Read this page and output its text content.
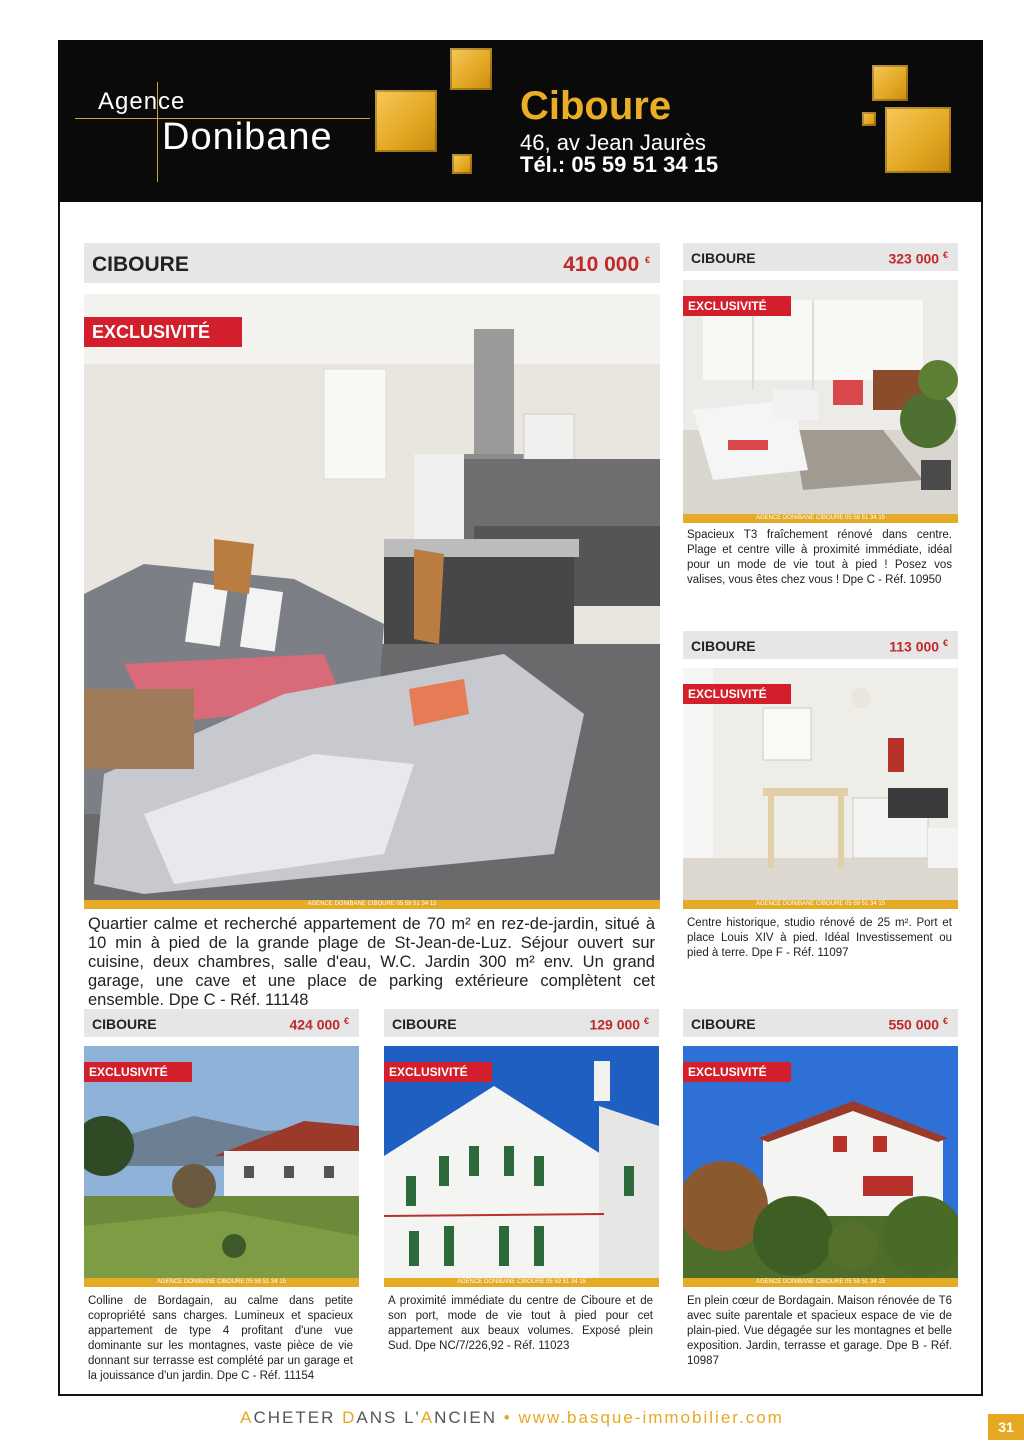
Agence
Donibane
Ciboure
46, av Jean Jaurès
Tél.: 05 59 51 34 15
CIBOURE	410 000 €
EXCLUSIVITÉ
AGENCE DONIBANE CIBOURE 05 59 51 34 15
Quartier calme et recherché appartement de 70 m² en rez-de-jardin, situé à 10 min à pied de la grande plage de St-Jean-de-Luz. Séjour ouvert sur cuisine, deux chambres, salle d'eau, W.C. Jardin 300 m² env. Un grand garage, une cave et une place de parking extérieure complètent cet ensemble. Dpe C - Réf. 11148
CIBOURE	323 000 €
EXCLUSIVITÉ
AGENCE DONIBANE CIBOURE 05 59 51 34 15
Spacieux T3 fraîchement rénové dans centre. Plage et centre ville à proximité immédiate, idéal pour un mode de vie tout à pied ! Posez vos valises, vous êtes chez vous ! Dpe C - Réf. 10950
CIBOURE	113 000 €
EXCLUSIVITÉ
AGENCE DONIBANE CIBOURE 05 59 51 34 15
Centre historique, studio rénové de 25 m². Port et place Louis XIV à pied. Idéal Investissement ou pied à terre. Dpe F - Réf. 11097
CIBOURE	424 000 €
EXCLUSIVITÉ
AGENCE DONIBANE CIBOURE 05 59 51 34 15
Colline de Bordagain, au calme dans petite copropriété sans charges. Lumineux et spacieux appartement de type 4 profitant d'une vue dominante sur les montagnes, vaste pièce de vie donnant sur terrasse est complété par un garage et la jouissance d'un jardin. Dpe C - Réf. 11154
CIBOURE	129 000 €
EXCLUSIVITÉ
AGENCE DONIBANE CIBOURE 05 59 51 34 15
A proximité immédiate du centre de Ciboure et de son port, mode de vie tout à pied pour cet appartement aux beaux volumes. Exposé plein Sud. Dpe NC/7/226,92 - Réf. 11023
CIBOURE	550 000 €
EXCLUSIVITÉ
AGENCE DONIBANE CIBOURE 05 59 51 34 15
En plein cœur de Bordagain. Maison rénovée de T6 avec suite parentale et spacieux espace de vie de plain-pied. Vue dégagée sur les montagnes et belle exposition. Jardin, terrasse et garage. Dpe B - Réf. 10987
ACHETER DANS L'ANCIEN • www.basque-immobilier.com	31
